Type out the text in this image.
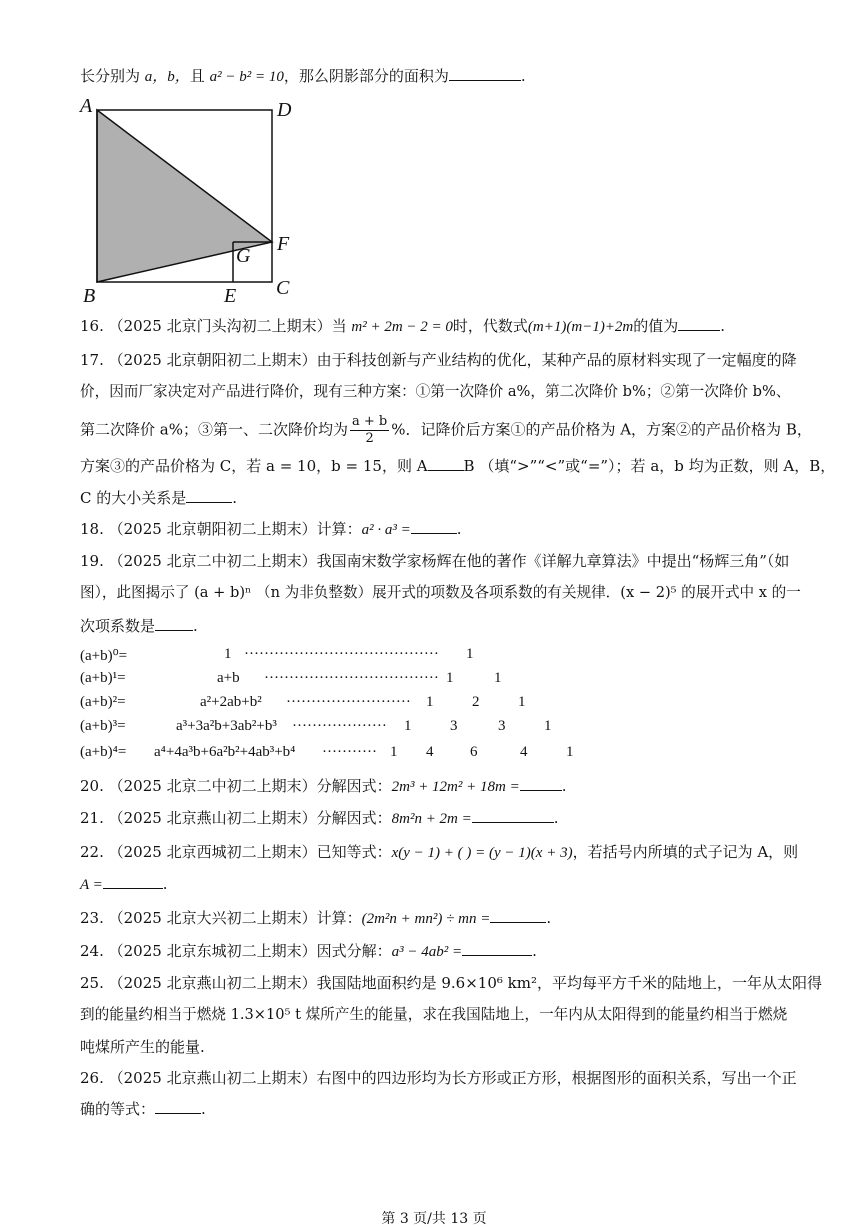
长分别为 a，b，且 a² − b² = 10，那么阴影部分的面积为	.
A	D
B	C
E
F
G
16. （2025 北京门头沟初二上期末）当 m² + 2m − 2 = 0时，代数式(m+1)(m−1)+2m的值为	.
17. （2025 北京朝阳初二上期末）由于科技创新与产业结构的优化，某种产品的原材料实现了一定幅度的降
价，因而厂家决定对产品进行降价，现有三种方案：①第一次降价 a%，第二次降价 b%；②第一次降价 b%、
第二次降价 a%；③第一、二次降价均为 $\frac{a + b}{2}$ %．记降价后方案①的产品价格为 A，方案②的产品价格为 B，
方案③的产品价格为 C，若 a = 10，b = 15，则 A B （填“>”“<”或“=”）；若 a，b 均为正数，则 A，B，
C 的大小关系是	.
18. （2025 北京朝阳初二上期末）计算：a² · a³ =	.
19. （2025 北京二中初二上期末）我国南宋数学家杨辉在他的著作《详解九章算法》中提出“杨辉三角”（如
图），此图揭示了 (a + b)ⁿ （n 为非负整数）展开式的项数及各项系数的有关规律．(x − 2)⁵ 的展开式中 x 的一
次项系数是	.
(a+b)⁰=	1 ······································· 1
(a+b)¹=	a+b ··································· 1	1
(a+b)²=	a²+2ab+b² ························· 1	2	1
(a+b)³=	a³+3a²b+3ab²+b³ ··················· 1	3	3	1
(a+b)⁴= a⁴+4a³b+6a²b²+4ab³+b⁴ ··········· 1 4 6	4	1
20. （2025 北京二中初二上期末）分解因式：2m³ + 12m² + 18m =	.
21. （2025 北京燕山初二上期末）分解因式：8m²n + 2m =	.
22. （2025 北京西城初二上期末）已知等式：x(y − 1) + ( ) = (y − 1)(x + 3)，若括号内所填的式子记为 A，则
A =	.
23. （2025 北京大兴初二上期末）计算：(2m²n + mn²) ÷ mn =	.
24. （2025 北京东城初二上期末）因式分解：a³ − 4ab² =	.
25. （2025 北京燕山初二上期末）我国陆地面积约是 9.6×10⁶ km²，平均每平方千米的陆地上，一年从太阳得
到的能量约相当于燃烧 1.3×10⁵ t 煤所产生的能量，求在我国陆地上，一年内从太阳得到的能量约相当于燃烧
吨煤所产生的能量.
26. （2025 北京燕山初二上期末）右图中的四边形均为长方形或正方形，根据图形的面积关系，写出一个正
确的等式：	.
第 3 页/共 13 页
